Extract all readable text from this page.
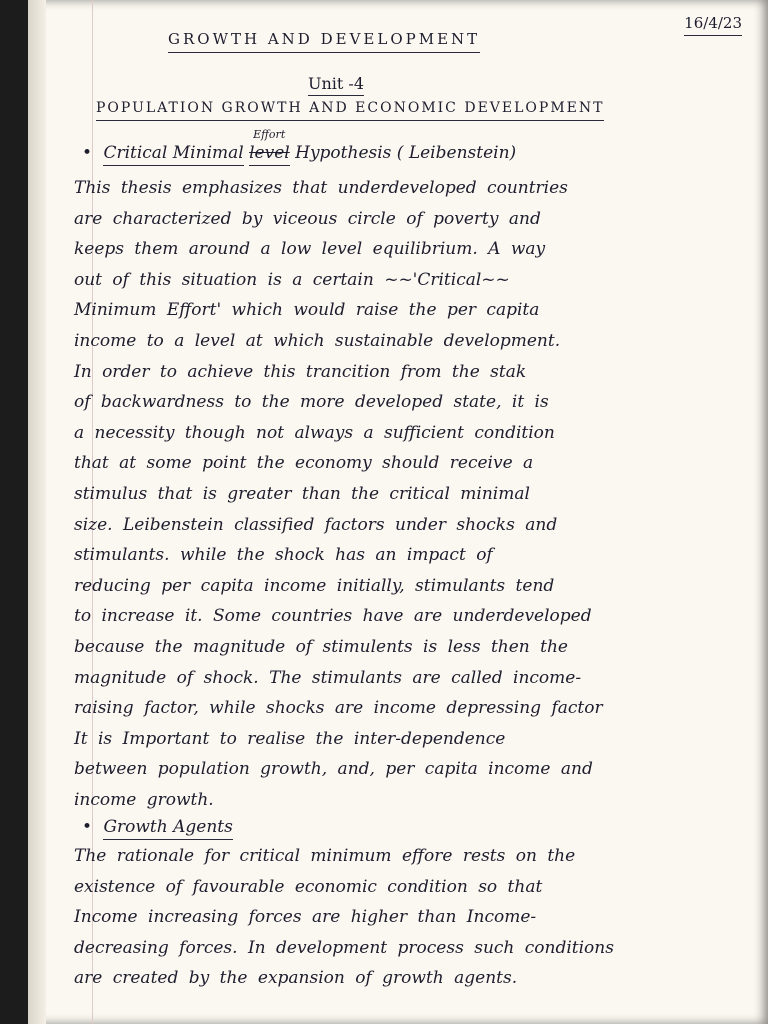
16/4/23
GROWTH AND DEVELOPMENT
Unit -4
POPULATION GROWTH AND ECONOMIC DEVELOPMENT
• Critical Minimal
Effort
level Hypothesis ( Leibenstein)
This thesis emphasizes that underdeveloped countries
are characterized by viceous circle of poverty and
keeps them around a low level equilibrium. A way
out of this situation is a certain ~~'Critical~~
Minimum Effort' which would raise the per capita
income to a level at which sustainable development.
In order to achieve this trancition from the stak
of backwardness to the more developed state, it is
a necessity though not always a sufficient condition
that at some point the economy should receive a
stimulus that is greater than the critical minimal
size. Leibenstein classified factors under shocks and
stimulants. while the shock has an impact of
reducing per capita income initially, stimulants tend
to increase it. Some countries have are underdeveloped
because the magnitude of stimulents is less then the
magnitude of shock. The stimulants are called income-
raising factor, while shocks are income depressing factor
It is Important to realise the inter-dependence
between population growth, and, per capita income and
income growth.
• Growth Agents
The rationale for critical minimum effore rests on the
existence of favourable economic condition so that
Income increasing forces are higher than Income-
decreasing forces. In development process such conditions
are created by the expansion of growth agents.
